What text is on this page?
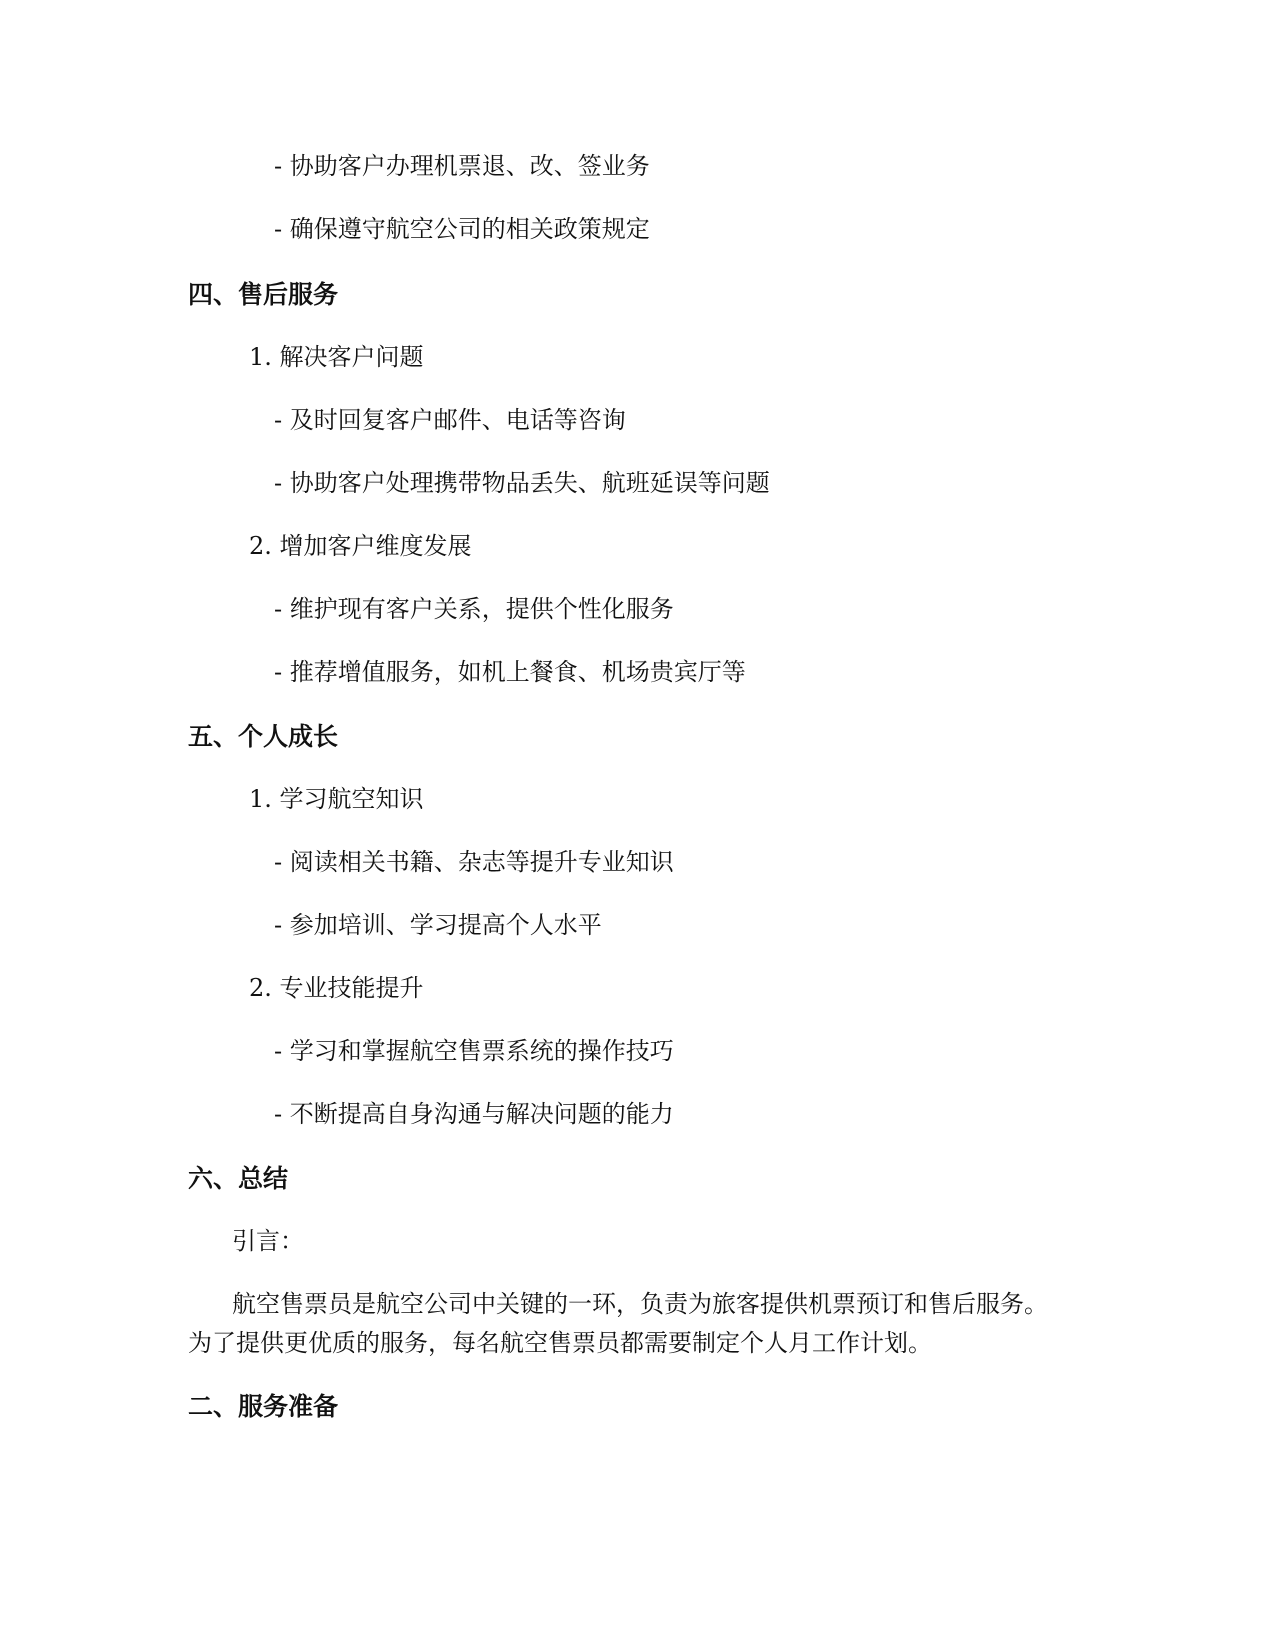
- 协助客户办理机票退、改、签业务
- 确保遵守航空公司的相关政策规定
四、售后服务
1. 解决客户问题
- 及时回复客户邮件、电话等咨询
- 协助客户处理携带物品丢失、航班延误等问题
2. 增加客户维度发展
- 维护现有客户关系，提供个性化服务
- 推荐增值服务，如机上餐食、机场贵宾厅等
五、个人成长
1. 学习航空知识
- 阅读相关书籍、杂志等提升专业知识
- 参加培训、学习提高个人水平
2. 专业技能提升
- 学习和掌握航空售票系统的操作技巧
- 不断提高自身沟通与解决问题的能力
六、总结
引言：
航空售票员是航空公司中关键的一环，负责为旅客提供机票预订和售后服务。
为了提供更优质的服务，每名航空售票员都需要制定个人月工作计划。
二、服务准备
